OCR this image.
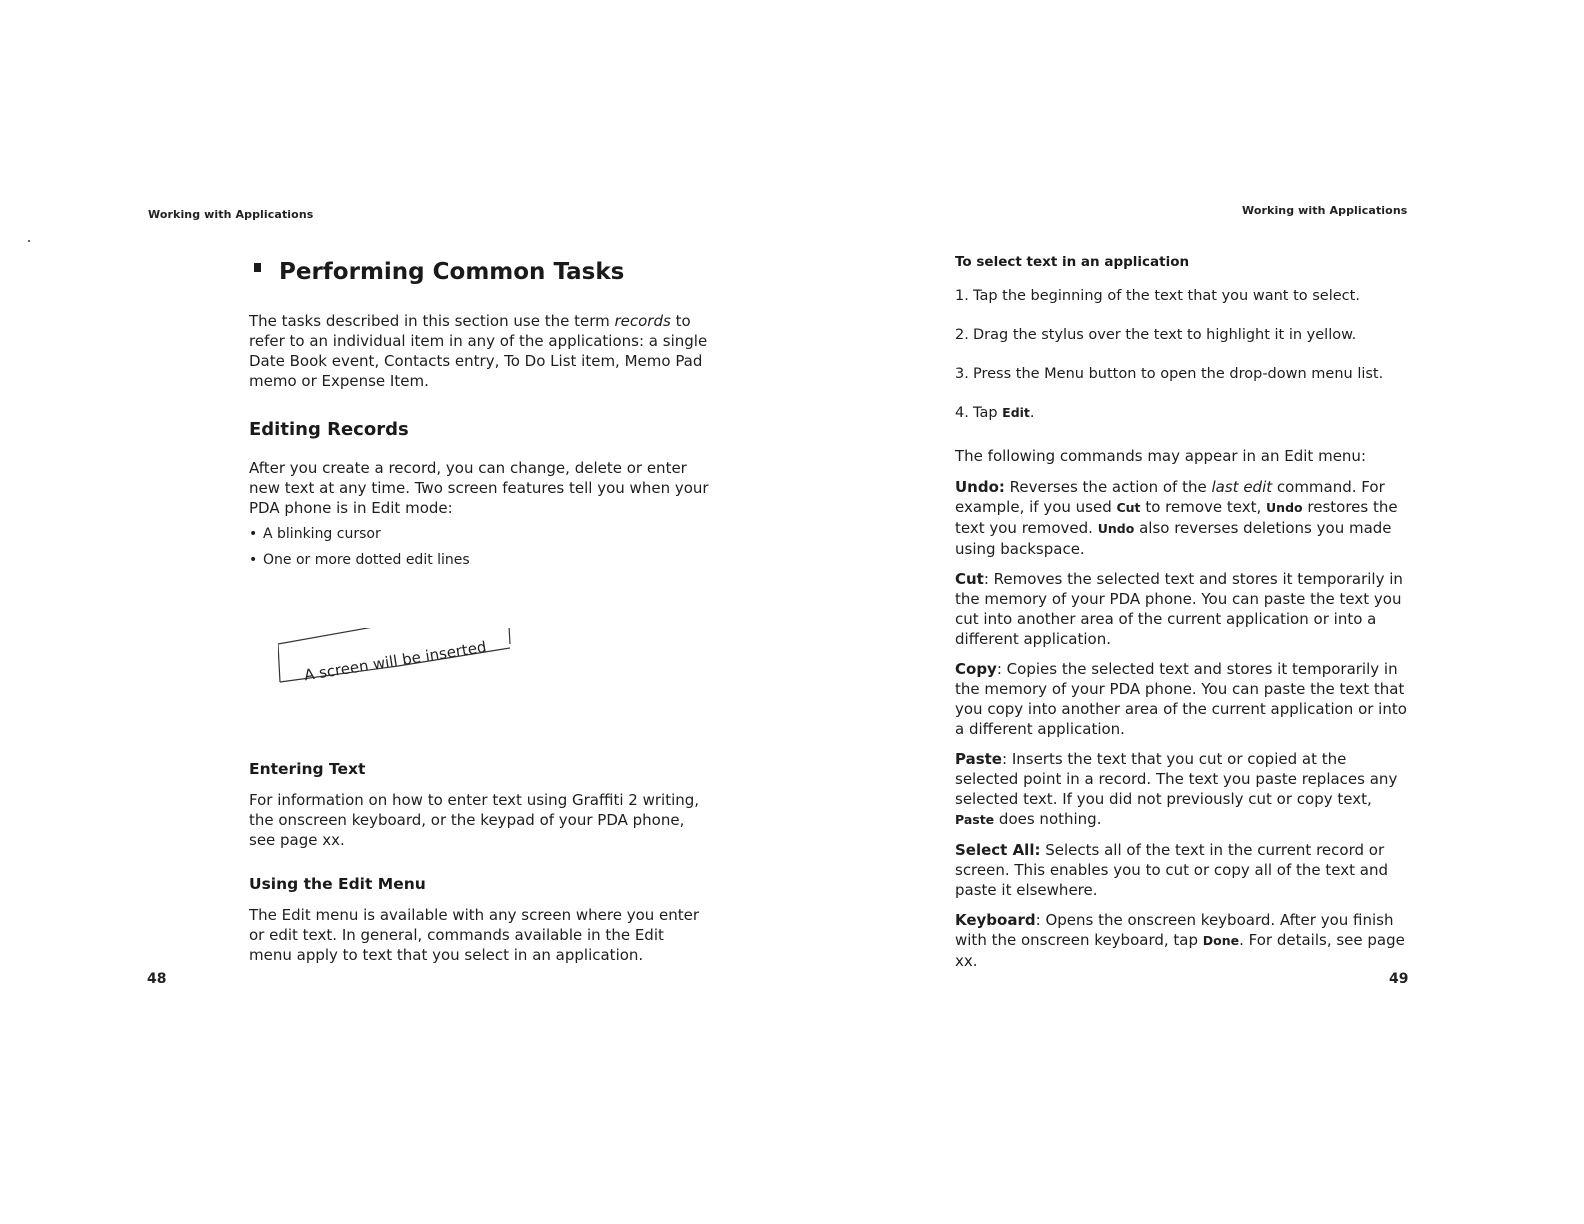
Working with Applications
Performing Common Tasks

The tasks described in this section use the term records to refer to an individual item in any of the applications: a single Date Book event, Contacts entry, To Do List item, Memo Pad memo or Expense Item.

Editing Records

After you create a record, you can change, delete or enter new text at any time. Two screen features tell you when your PDA phone is in Edit mode:

• A blinking cursor
• One or more dotted edit lines
A screen will be inserted
Entering Text

For information on how to enter text using Graffiti 2 writing, the onscreen keyboard, or the keypad of your PDA phone, see page xx.

Using the Edit Menu

The Edit menu is available with any screen where you enter or edit text. In general, commands available in the Edit menu apply to text that you select in an application.

48
Working with Applications
To select text in an application
1. Tap the beginning of the text that you want to select.
2. Drag the stylus over the text to highlight it in yellow.
3. Press the Menu button to open the drop-down menu list.
4. Tap Edit.

The following commands may appear in an Edit menu:

Undo: Reverses the action of the last edit command. For example, if you used Cut to remove text, Undo restores the text you removed. Undo also reverses deletions you made using backspace.

Cut: Removes the selected text and stores it temporarily in the memory of your PDA phone. You can paste the text you cut into another area of the current application or into a different application.

Copy: Copies the selected text and stores it temporarily in the memory of your PDA phone. You can paste the text that you copy into another area of the current application or into a different application.

Paste: Inserts the text that you cut or copied at the selected point in a record. The text you paste replaces any selected text. If you did not previously cut or copy text, Paste does nothing.

Select All: Selects all of the text in the current record or screen. This enables you to cut or copy all of the text and paste it elsewhere.

Keyboard: Opens the onscreen keyboard. After you finish with the onscreen keyboard, tap Done. For details, see page xx.

49
